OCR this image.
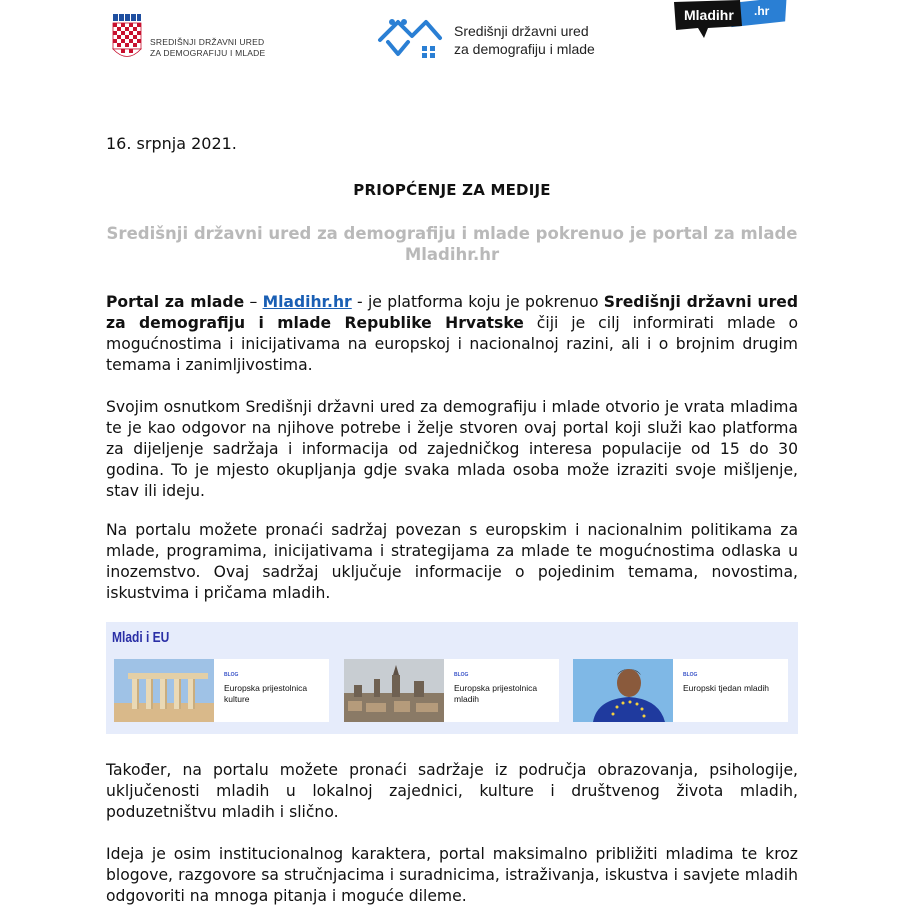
SREDIŠNJI DRŽAVNI URED
ZA DEMOGRAFIJU I MLADE
Središnji državni ured
za demografiju i mlade
Mladihr .hr
16. srpnja 2021.
PRIOPĆENJE ZA MEDIJE
Središnji državni ured za demografiju i mlade pokrenuo je portal za mlade Mladihr.hr
Portal za mlade – Mladihr.hr - je platforma koju je pokrenuo Središnji državni ured za demografiju i mlade Republike Hrvatske čiji je cilj informirati mlade o mogućnostima i inicijativama na europskoj i nacionalnoj razini, ali i o brojnim drugim temama i zanimljivostima.
Svojim osnutkom Središnji državni ured za demografiju i mlade otvorio je vrata mladima te je kao odgovor na njihove potrebe i želje stvoren ovaj portal koji služi kao platforma za dijeljenje sadržaja i informacija od zajedničkog interesa populacije od 15 do 30 godina. To je mjesto okupljanja gdje svaka mlada osoba može izraziti svoje mišljenje, stav ili ideju.
Na portalu možete pronaći sadržaj povezan s europskim i nacionalnim politikama za mlade, programima, inicijativama i strategijama za mlade te mogućnostima odlaska u inozemstvo. Ovaj sadržaj uključuje informacije o pojedinim temama, novostima, iskustvima i pričama mladih.
Mladi i EU
BLOG
Europska prijestolnica kulture
BLOG
Europska prijestolnica mladih
BLOG
Europski tjedan mladih
Također, na portalu možete pronaći sadržaje iz područja obrazovanja, psihologije, uključenosti mladih u lokalnoj zajednici, kulture i društvenog života mladih, poduzetništvu mladih i slično.
Ideja je osim institucionalnog karaktera, portal maksimalno približiti mladima te kroz blogove, razgovore sa stručnjacima i suradnicima, istraživanja, iskustva i savjete mladih odgovoriti na mnoga pitanja i moguće dileme.
